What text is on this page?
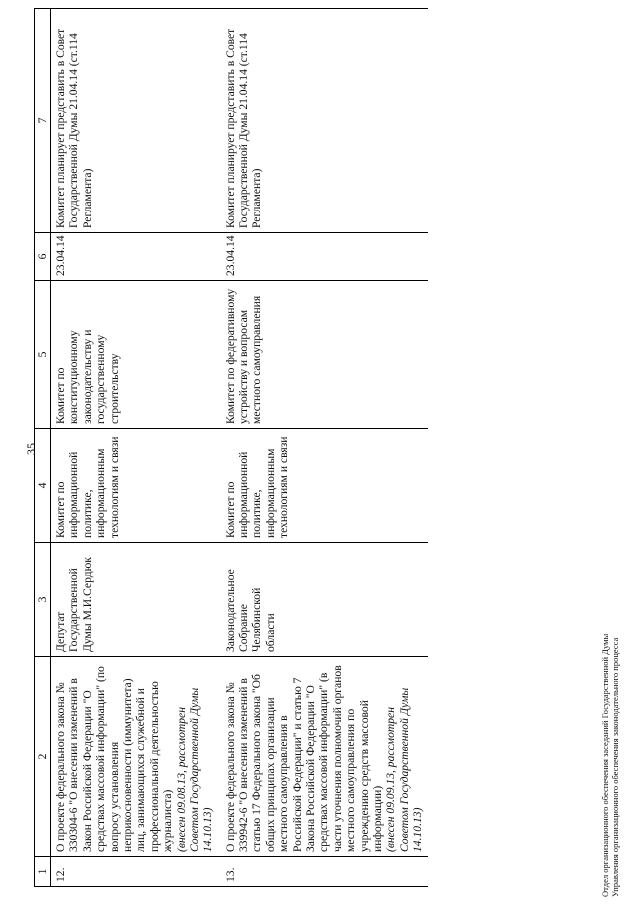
35
1	2	3	4	5	6	7
12.	О проекте федерального закона № 330304-6 "О внесении изменений в Закон Российской Федерации "О средствах массовой информации" (по вопросу установления неприкосновенности (иммунитета) лиц, занимающихся служебной и профессиональной деятельностью журналиста) (внесен 09.08.13, рассмотрен Советом Государственной Думы 14.10.13)	Депутат Государственной Думы М.И.Сердюк	Комитет по информационной политике, информационным технологиям и связи	Комитет по конституционному законодательству и государственному строительству	23.04.14	Комитет планирует представить в Совет Государственной Думы 21.04.14 (ст.114 Регламента)
13.	О проекте федерального закона № 339942-6 "О внесении изменений в статью 17 Федерального закона "Об общих принципах организации местного самоуправления в Российской Федерации" и статью 7 Закона Российской Федерации "О средствах массовой информации" (в части уточнения полномочий органов местного самоуправления по учреждению средств массовой информации) (внесен 09.09.13, рассмотрен Советом Государственной Думы 14.10.13)	Законодательное Собрание Челябинской области	Комитет по информационной политике, информационным технологиям и связи	Комитет по федеративному устройству и вопросам местного самоуправления	23.04.14	Комитет планирует представить в Совет Государственной Думы 21.04.14 (ст.114 Регламента)
Отдел организационного обеспечения заседаний Государственной Думы Управления организационного обеспечения законодательного процесса
